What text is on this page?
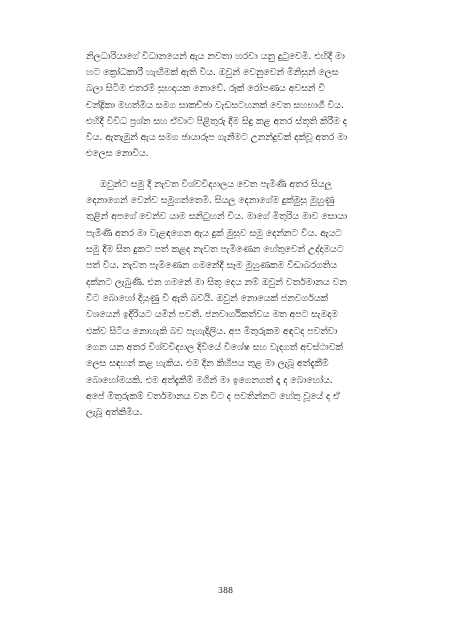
නිලධාරියාගේ විධානයෙන් ඇය නවතා හරවා යනු දුටුවෙමි. එහිදී මා
හට ක්‍රෝධකාරී හැඟීමක් ඇති විය. ඔවුන් වෙනුවෙන් මිනිසුන් ලෙස
බලා සිටීම එතරම් සුභදායක නොවේ. රූක් රෝපණය අවසන් වී
චන්ද්‍රිකා මහත්මිය සමග සාකච්ඡා වැඩසටහනක් වෙත සහභාගී විය.
එහිදී විවිධ ප්‍රශ්න සහ ඒවාට පිළිතුරු දීම සිදු කළ අතර ස්තූති කිරීම ද
විය. ඇතැමුන් ඇය සමග ඡායාරූප ගැනීමට උනන්දුවක් දක්වූ අතර මා
එලෙස නොවීය.
ඔවුන්ට සමු දී නැවත විශ්වවිද්‍යාලය වෙත පැමිණි අතර සියලු
දෙනාගෙන් වෙන්ව සමුගත්තෙමි. සියලු දෙනාගේම දුක්මුසු මුහුණු
තුළින් අපගේ වෙන්ව යාම සනිටුහන් විය. මාගේ මිතුරිය මාව සොයා
පැමිණි අතර මා වැළඳගෙන ඇය දුක් මුසුව සමු දෙන්නට විය. ඇයට
සමු දීම සිත දුකට පත් කළද නැවත පැමිණෙන හේතුවෙන් උද්දාමයට
පත් විය. නැවත පැමිණෙන ගමනේදී සෑම මුහුණකම විඩාබරගතිය
දක්නට ලැබුණි. එන ගමනේ මා සිතූ දෙය නම් ඔවුන් වර්තමානය වන
විට බොහෝ දියුණු වී ඇති බවයි. ඔවුන් නොයෙක් ජනවර්ගයක්
වශයෙන් ඉදිරියට යමින් පවතී. ජනවාර්ගිකත්වය මත අපට සැමදාම
එක්ව සිටිය නොහැකි බව පැහැදිලිය. අප මිතුරුකම අඳටද පවත්වා
ගෙන යන අතර විශ්වවිද්‍යාල දිවියේ විශේෂ සහ වැදගත් අවස්ථාවක්
ලෙස සඳහන් කළ හැකිය. එම දින කිහිපය තුළ මා ලැබූ අත්දැකීම්
බොහෝමයකි. එම අත්දැකීම් මගින් මා ඉගෙනගත් දෑ ද බොහෝය.
අපේ මිතුරුකම් වර්තමානය වන විට ද පවතින්නට හේතු වූයේ ද ඒ
ලැබූ අත්කිමිය.
388
